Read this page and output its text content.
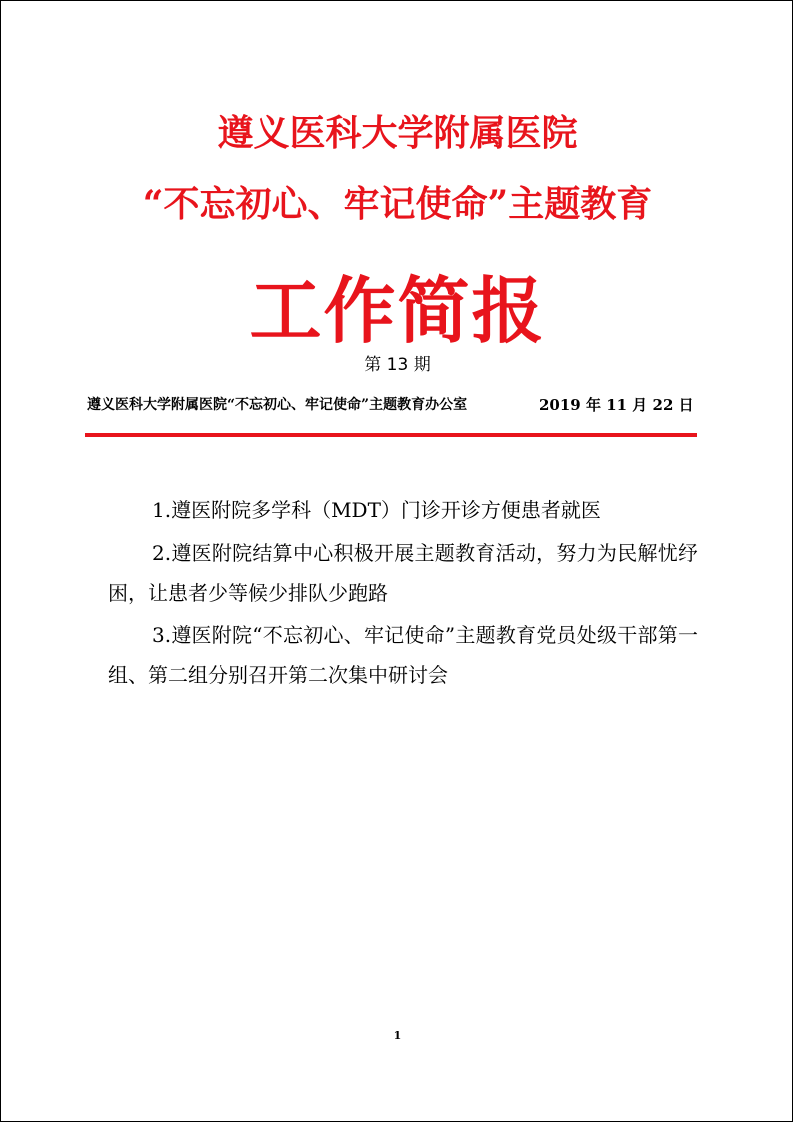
遵义医科大学附属医院
“不忘初心、牢记使命”主题教育
工作简报
第 13 期
遵义医科大学附属医院“不忘初心、牢记使命”主题教育办公室	2019 年 11 月 22 日
1.遵医附院多学科（MDT）门诊开诊方便患者就医
2.遵医附院结算中心积极开展主题教育活动，努力为民解忧纾困，让患者少等候少排队少跑路
3.遵医附院“不忘初心、牢记使命”主题教育党员处级干部第一组、第二组分别召开第二次集中研讨会
1
